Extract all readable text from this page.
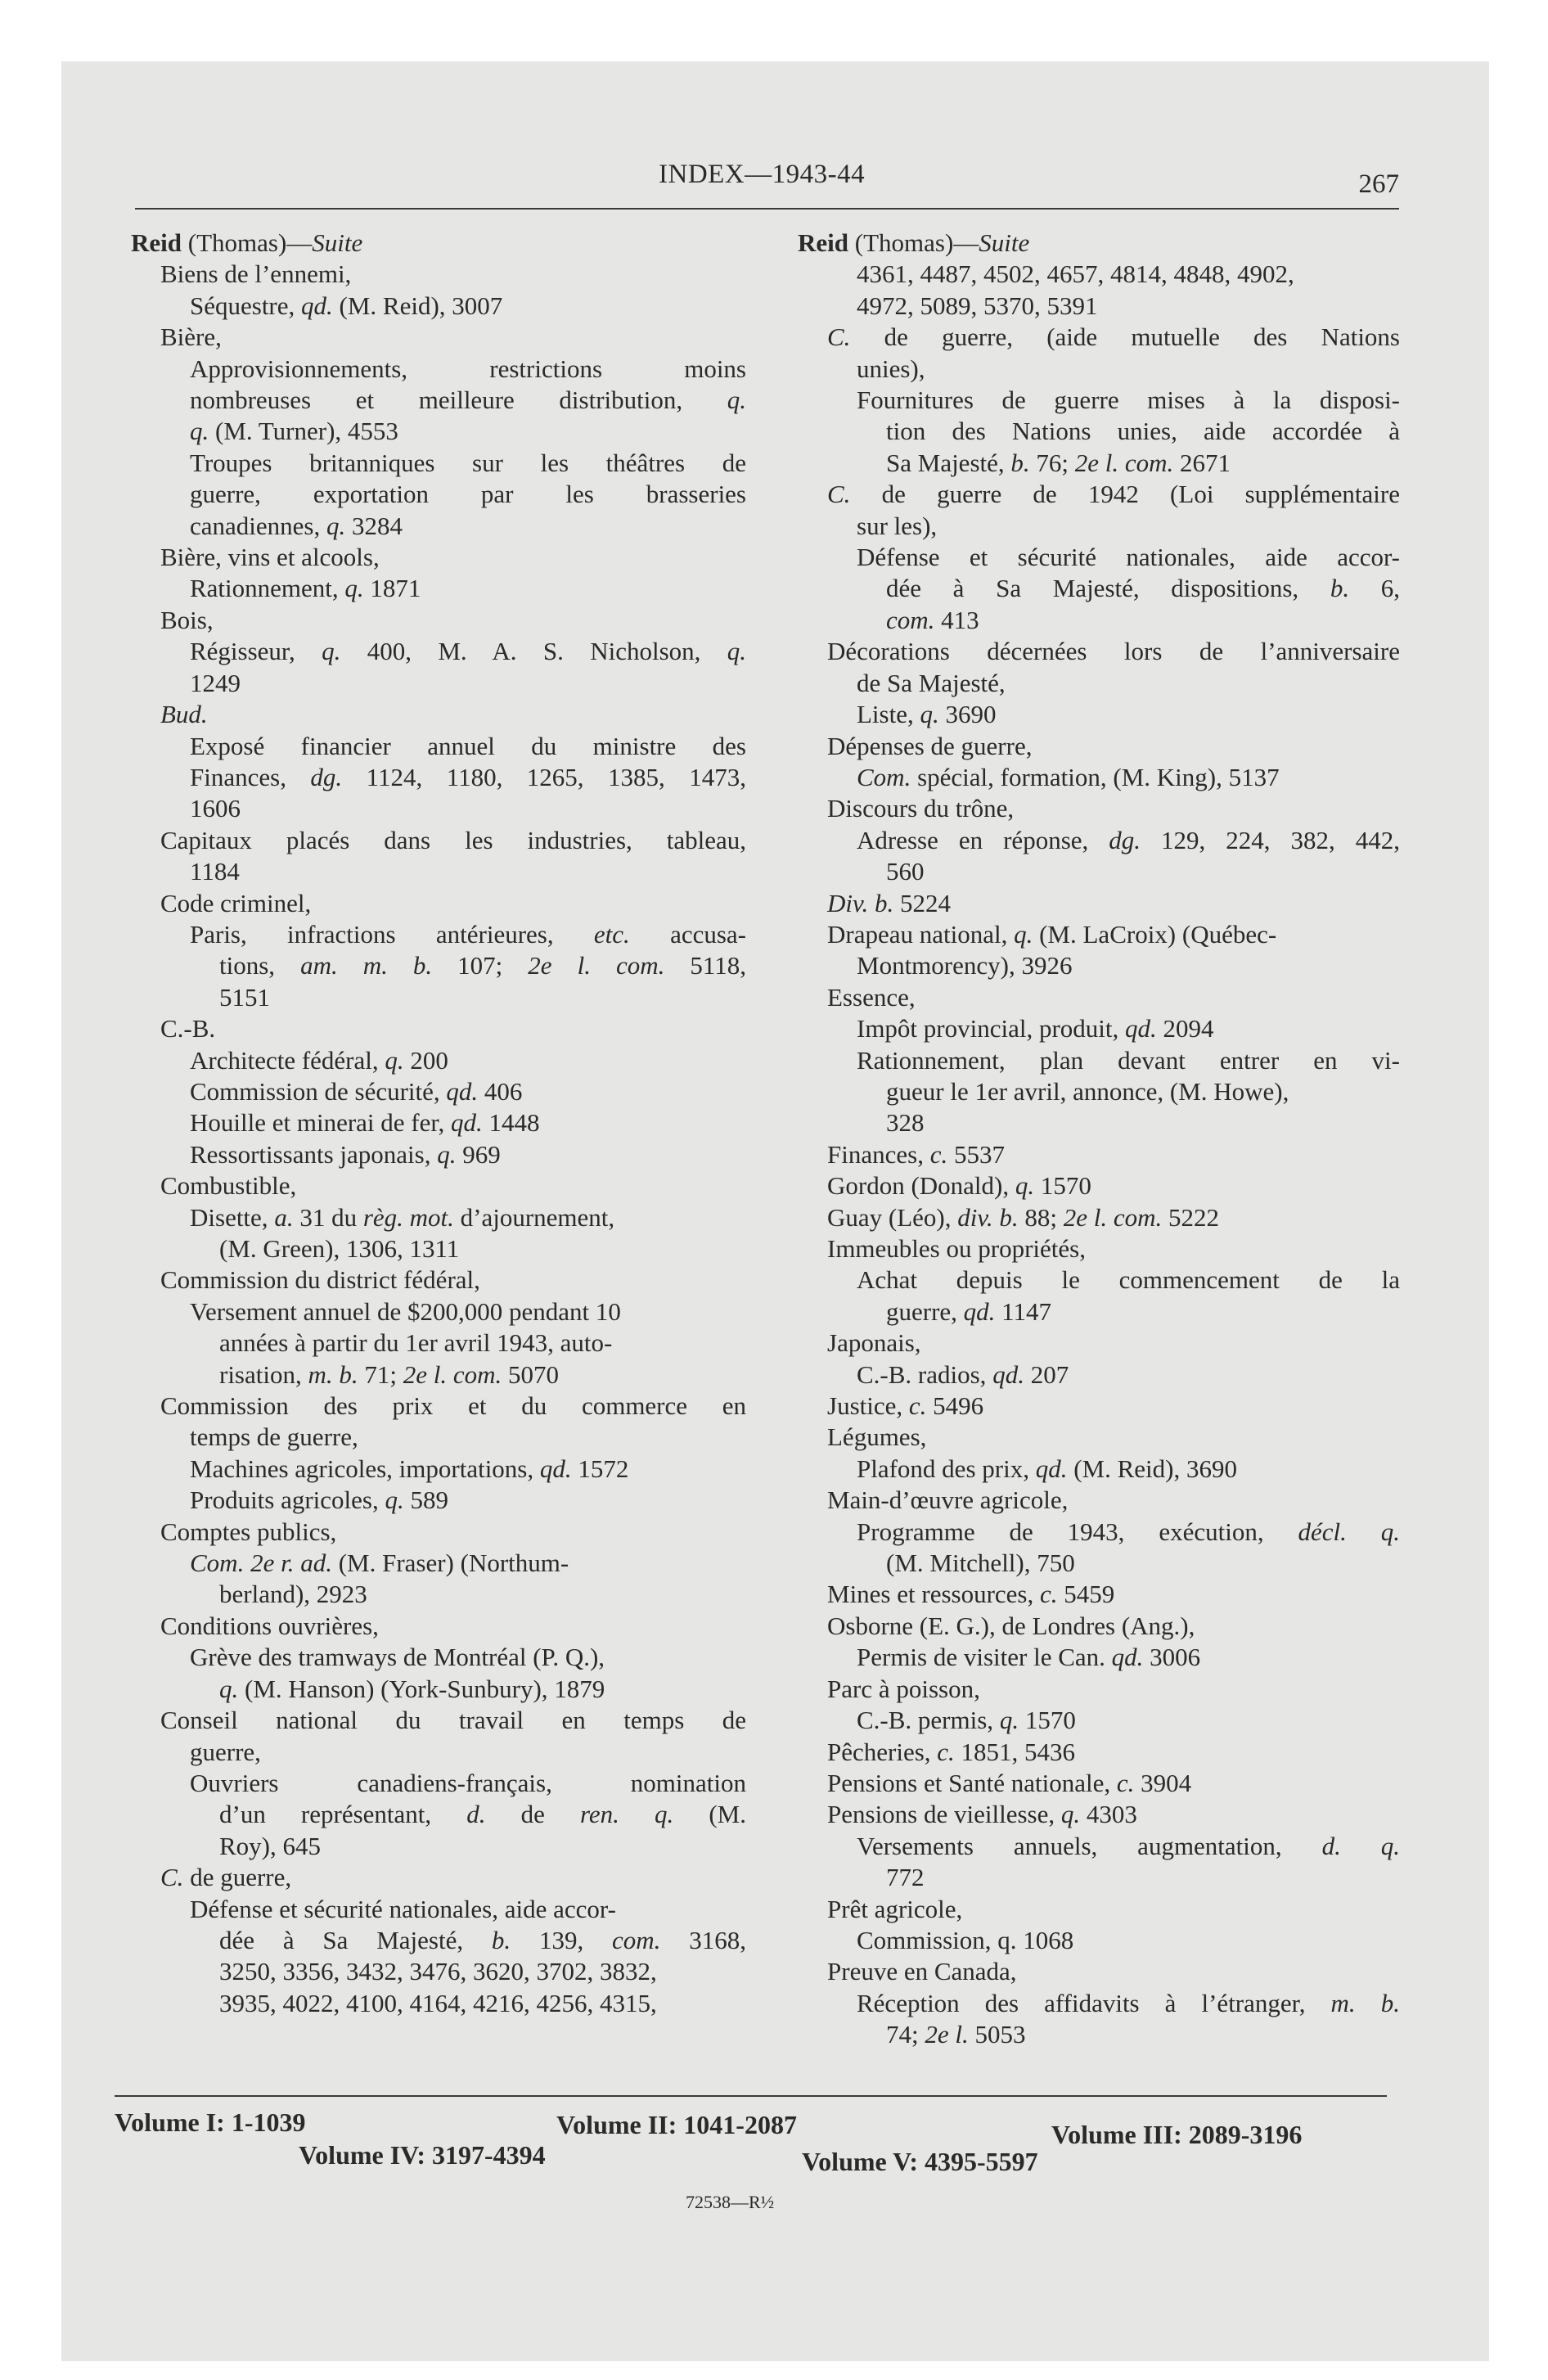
INDEX—1943-44	267
Reid (Thomas)—Suite
Biens de l’ennemi,
Séquestre, qd. (M. Reid), 3007
Bière,
Approvisionnements, restrictions moins
nombreuses et meilleure distribution, q.
q. (M. Turner), 4553
Troupes britanniques sur les théâtres de
guerre, exportation par les brasseries
canadiennes, q. 3284
Bière, vins et alcools,
Rationnement, q. 1871
Bois,
Régisseur, q. 400, M. A. S. Nicholson, q.
1249
Bud.
Exposé financier annuel du ministre des
Finances, dg. 1124, 1180, 1265, 1385, 1473,
1606
Capitaux placés dans les industries, tableau,
1184
Code criminel,
Paris, infractions antérieures, etc. accusa-
tions, am. m. b. 107; 2e l. com. 5118,
5151
C.-B.
Architecte fédéral, q. 200
Commission de sécurité, qd. 406
Houille et minerai de fer, qd. 1448
Ressortissants japonais, q. 969
Combustible,
Disette, a. 31 du règ. mot. d’ajournement,
(M. Green), 1306, 1311
Commission du district fédéral,
Versement annuel de $200,000 pendant 10
années à partir du 1er avril 1943, auto-
risation, m. b. 71; 2e l. com. 5070
Commission des prix et du commerce en
temps de guerre,
Machines agricoles, importations, qd. 1572
Produits agricoles, q. 589
Comptes publics,
Com. 2e r. ad. (M. Fraser) (Northum-
berland), 2923
Conditions ouvrières,
Grève des tramways de Montréal (P. Q.),
q. (M. Hanson) (York-Sunbury), 1879
Conseil national du travail en temps de
guerre,
Ouvriers canadiens-français, nomination
d’un représentant, d. de ren. q. (M.
Roy), 645
C. de guerre,
Défense et sécurité nationales, aide accor-
dée à Sa Majesté, b. 139, com. 3168,
3250, 3356, 3432, 3476, 3620, 3702, 3832,
3935, 4022, 4100, 4164, 4216, 4256, 4315,
Reid (Thomas)—Suite
4361, 4487, 4502, 4657, 4814, 4848, 4902,
4972, 5089, 5370, 5391
C. de guerre, (aide mutuelle des Nations
unies),
Fournitures de guerre mises à la disposi-
tion des Nations unies, aide accordée à
Sa Majesté, b. 76; 2e l. com. 2671
C. de guerre de 1942 (Loi supplémentaire
sur les),
Défense et sécurité nationales, aide accor-
dée à Sa Majesté, dispositions, b. 6,
com. 413
Décorations décernées lors de l’anniversaire
de Sa Majesté,
Liste, q. 3690
Dépenses de guerre,
Com. spécial, formation, (M. King), 5137
Discours du trône,
Adresse en réponse, dg. 129, 224, 382, 442,
560
Div. b. 5224
Drapeau national, q. (M. LaCroix) (Québec-
Montmorency), 3926
Essence,
Impôt provincial, produit, qd. 2094
Rationnement, plan devant entrer en vi-
gueur le 1er avril, annonce, (M. Howe),
328
Finances, c. 5537
Gordon (Donald), q. 1570
Guay (Léo), div. b. 88; 2e l. com. 5222
Immeubles ou propriétés,
Achat depuis le commencement de la
guerre, qd. 1147
Japonais,
C.-B. radios, qd. 207
Justice, c. 5496
Légumes,
Plafond des prix, qd. (M. Reid), 3690
Main-d’œuvre agricole,
Programme de 1943, exécution, décl. q.
(M. Mitchell), 750
Mines et ressources, c. 5459
Osborne (E. G.), de Londres (Ang.),
Permis de visiter le Can. qd. 3006
Parc à poisson,
C.-B. permis, q. 1570
Pêcheries, c. 1851, 5436
Pensions et Santé nationale, c. 3904
Pensions de vieillesse, q. 4303
Versements annuels, augmentation, d. q.
772
Prêt agricole,
Commission, q. 1068
Preuve en Canada,
Réception des affidavits à l’étranger, m. b.
74; 2e l. 5053
Volume I: 1-1039	Volume II: 1041-2087	Volume III: 2089-3196
Volume IV: 3197-4394	Volume V: 4395-5597
72538—R½
